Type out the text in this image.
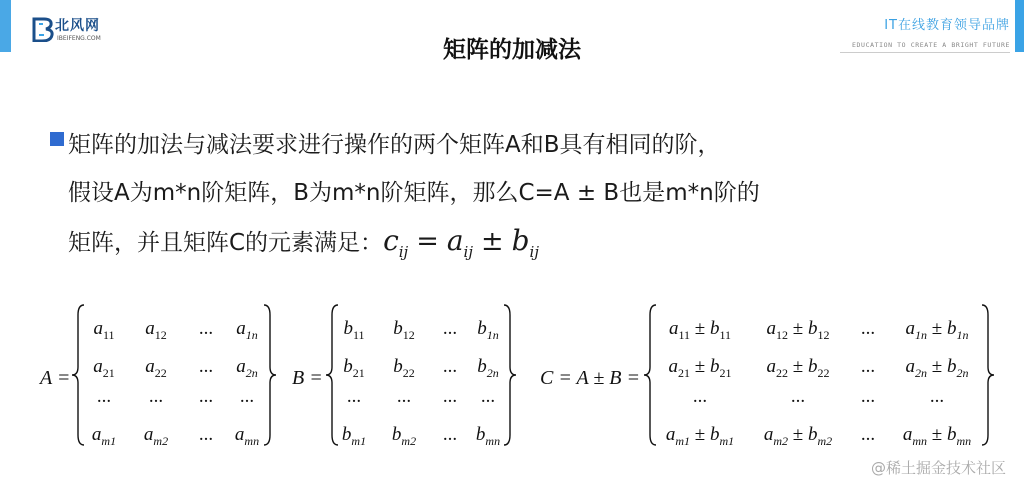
北风网
IBEIFENG.COM	矩阵的加减法
IT在线教育领导品牌
EDUCATION TO CREATE A BRIGHT FUTURE
矩阵的加法与减法要求进行操作的两个矩阵A和B具有相同的阶，
假设A为m*n阶矩阵，B为m*n阶矩阵，那么C=A ± B也是m*n阶的
矩阵，并且矩阵C的元素满足：$c_{ij} = a_{ij} \pm b_{ij}$
A =
$a_{11}$ $a_{12}$ ... $a_{1n}$
$a_{21}$ $a_{22}$ ... $a_{2n}$
... ... ... ...
$a_{m1}$ $a_{m2}$ ... $a_{mn}$
B =
$b_{11}$ $b_{12}$ ... $b_{1n}$
$b_{21}$ $b_{22}$ ... $b_{2n}$
... ... ... ...
$b_{m1}$ $b_{m2}$ ... $b_{mn}$
C = A ± B =
$a_{11} \pm b_{11}$ $a_{12} \pm b_{12}$ ... $a_{1n} \pm b_{1n}$
$a_{21} \pm b_{21}$ $a_{22} \pm b_{22}$ ... $a_{2n} \pm b_{2n}$
...	...	...	...
$a_{m1} \pm b_{m1}$ $a_{m2} \pm b_{m2}$ ... $a_{mn} \pm b_{mn}$
@稀土掘金技术社区
